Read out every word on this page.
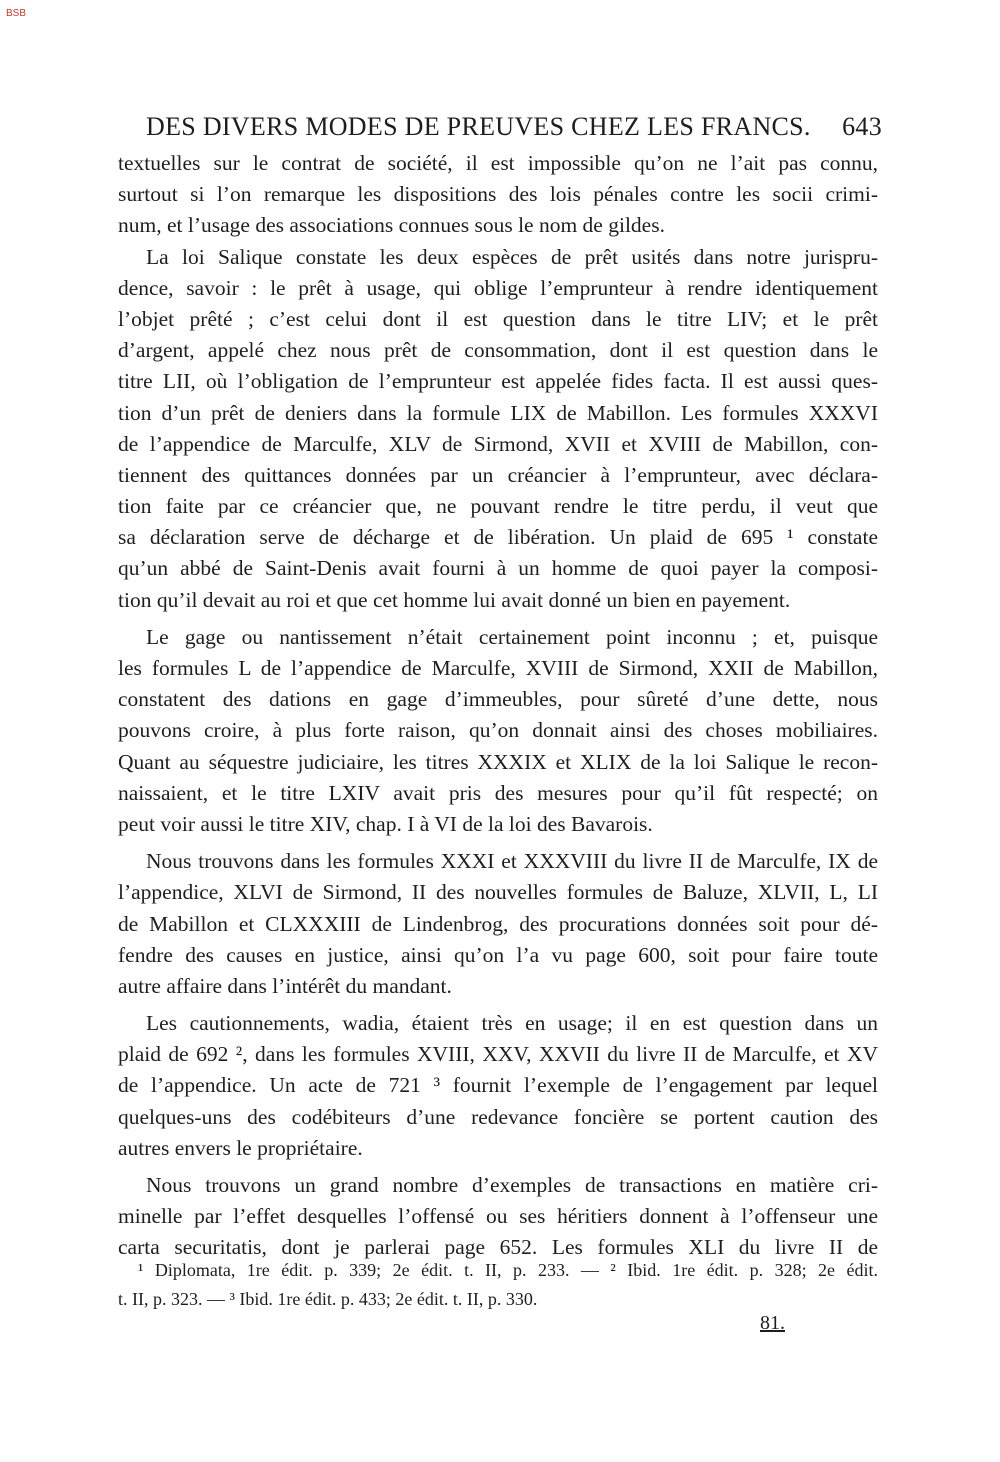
BSB
DES DIVERS MODES DE PREUVES CHEZ LES FRANCS. 643
textuelles sur le contrat de société, il est impossible qu’on ne l’ait pas connu,
surtout si l’on remarque les dispositions des lois pénales contre les socii crimi-
num, et l’usage des associations connues sous le nom de gildes.
La loi Salique constate les deux espèces de prêt usités dans notre jurispru-
dence, savoir : le prêt à usage, qui oblige l’emprunteur à rendre identiquement
l’objet prêté ; c’est celui dont il est question dans le titre LIV; et le prêt
d’argent, appelé chez nous prêt de consommation, dont il est question dans le
titre LII, où l’obligation de l’emprunteur est appelée fides facta. Il est aussi ques-
tion d’un prêt de deniers dans la formule LIX de Mabillon. Les formules XXXVI
de l’appendice de Marculfe, XLV de Sirmond, XVII et XVIII de Mabillon, con-
tiennent des quittances données par un créancier à l’emprunteur, avec déclara-
tion faite par ce créancier que, ne pouvant rendre le titre perdu, il veut que
sa déclaration serve de décharge et de libération. Un plaid de 695 ¹ constate
qu’un abbé de Saint-Denis avait fourni à un homme de quoi payer la composi-
tion qu’il devait au roi et que cet homme lui avait donné un bien en payement.
Le gage ou nantissement n’était certainement point inconnu ; et, puisque
les formules L de l’appendice de Marculfe, XVIII de Sirmond, XXII de Mabillon,
constatent des dations en gage d’immeubles, pour sûreté d’une dette, nous
pouvons croire, à plus forte raison, qu’on donnait ainsi des choses mobiliaires.
Quant au séquestre judiciaire, les titres XXXIX et XLIX de la loi Salique le recon-
naissaient, et le titre LXIV avait pris des mesures pour qu’il fût respecté; on
peut voir aussi le titre XIV, chap. I à VI de la loi des Bavarois.
Nous trouvons dans les formules XXXI et XXXVIII du livre II de Marculfe, IX de
l’appendice, XLVI de Sirmond, II des nouvelles formules de Baluze, XLVII, L, LI
de Mabillon et CLXXXIII de Lindenbrog, des procurations données soit pour dé-
fendre des causes en justice, ainsi qu’on l’a vu page 600, soit pour faire toute
autre affaire dans l’intérêt du mandant.
Les cautionnements, wadia, étaient très en usage; il en est question dans un
plaid de 692 ², dans les formules XVIII, XXV, XXVII du livre II de Marculfe, et XV
de l’appendice. Un acte de 721 ³ fournit l’exemple de l’engagement par lequel
quelques-uns des codébiteurs d’une redevance foncière se portent caution des
autres envers le propriétaire.
Nous trouvons un grand nombre d’exemples de transactions en matière cri-
minelle par l’effet desquelles l’offensé ou ses héritiers donnent à l’offenseur une
carta securitatis, dont je parlerai page 652. Les formules XLI du livre II de
¹ Diplomata, 1re édit. p. 339; 2e édit. t. II, p. 233. — ² Ibid. 1re édit. p. 328; 2e édit.
t. II, p. 323. — ³ Ibid. 1re édit. p. 433; 2e édit. t. II, p. 330.
81.
